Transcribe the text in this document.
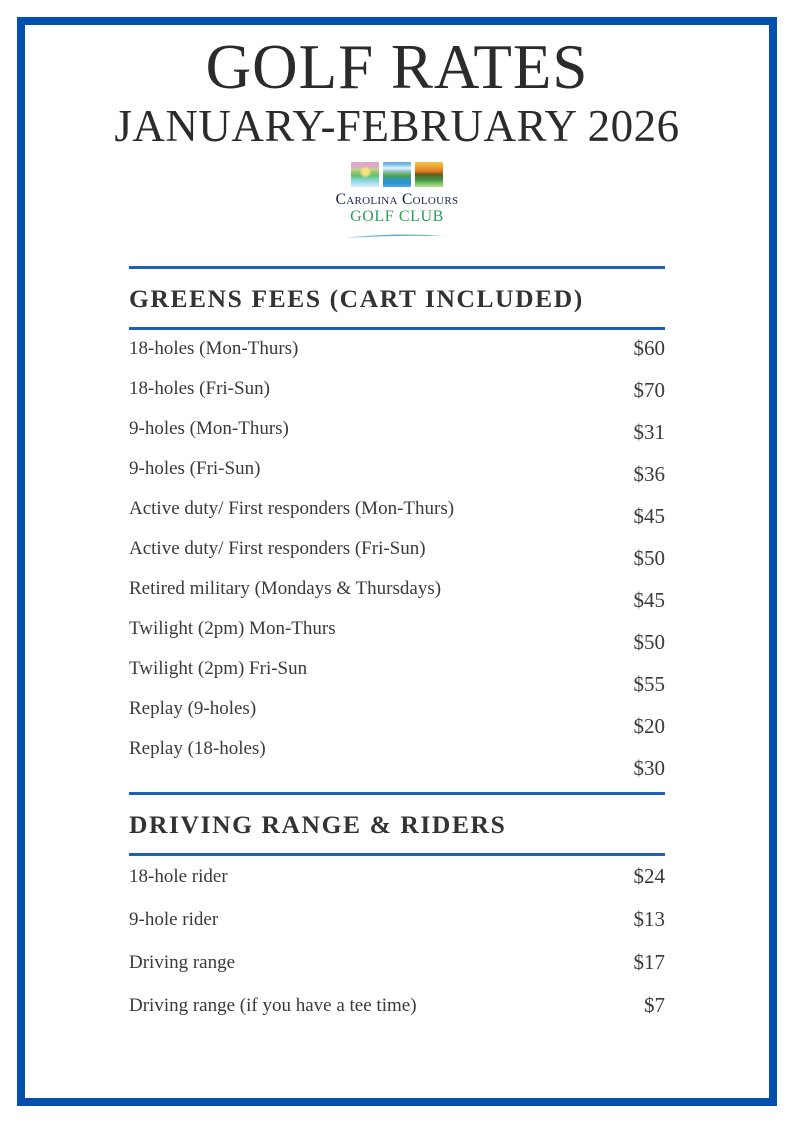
GOLF RATES
JANUARY-FEBRUARY 2026
Carolina Colours
GOLF CLUB
GREENS FEES (CART INCLUDED)
18-holes (Mon-Thurs)
18-holes (Fri-Sun)
9-holes (Mon-Thurs)
9-holes (Fri-Sun)
Active duty/ First responders (Mon-Thurs)
Active duty/ First responders (Fri-Sun)
Retired military (Mondays & Thursdays)
Twilight (2pm) Mon-Thurs
Twilight (2pm) Fri-Sun
Replay (9-holes)
Replay (18-holes)
$60
$70
$31
$36
$45
$50
$45
$50
$55
$20
$30
DRIVING RANGE & RIDERS
18-hole rider
9-hole rider
Driving range
Driving range (if you have a tee time)
$24
$13
$17
$7
